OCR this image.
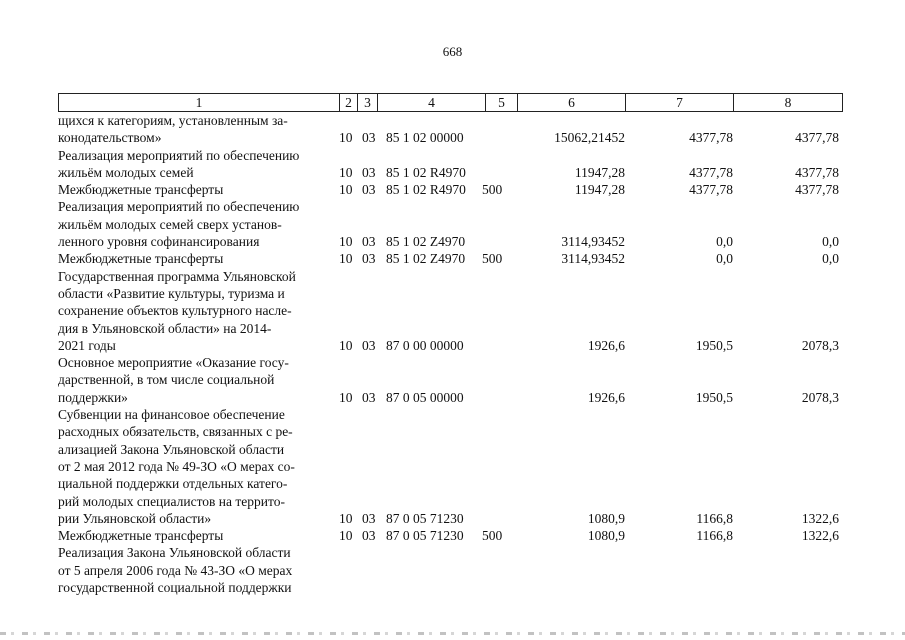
668
1	2 3	4	5	6	7	8
щихся к категориям, установленным за-
конодательством»	10 03 85 1 02 00000	15062,21452	4377,78	4377,78
Реализация мероприятий по обеспечению
жильём молодых семей	10 03 85 1 02 R4970	11947,28	4377,78	4377,78
Межбюджетные трансферты	10 03 85 1 02 R4970 500	11947,28	4377,78	4377,78
Реализация мероприятий по обеспечению
жильём молодых семей сверх установ-
ленного уровня софинансирования	10 03 85 1 02 Z4970	3114,93452	0,0	0,0
Межбюджетные трансферты	10 03 85 1 02 Z4970 500	3114,93452	0,0	0,0
Государственная программа Ульяновской
области «Развитие культуры, туризма и
сохранение объектов культурного насле-
дия в Ульяновской области» на 2014-
2021 годы	10 03 87 0 00 00000	1926,6	1950,5	2078,3
Основное мероприятие «Оказание госу-
дарственной, в том числе социальной
поддержки»	10 03 87 0 05 00000	1926,6	1950,5	2078,3
Субвенции на финансовое обеспечение
расходных обязательств, связанных с ре-
ализацией Закона Ульяновской области
от 2 мая 2012 года № 49-ЗО «О мерах со-
циальной поддержки отдельных катего-
рий молодых специалистов на террито-
рии Ульяновской области»	10 03 87 0 05 71230	1080,9	1166,8	1322,6
Межбюджетные трансферты	10 03 87 0 05 71230 500	1080,9	1166,8	1322,6
Реализация Закона Ульяновской области
от 5 апреля 2006 года № 43-ЗО «О мерах
государственной социальной поддержки
